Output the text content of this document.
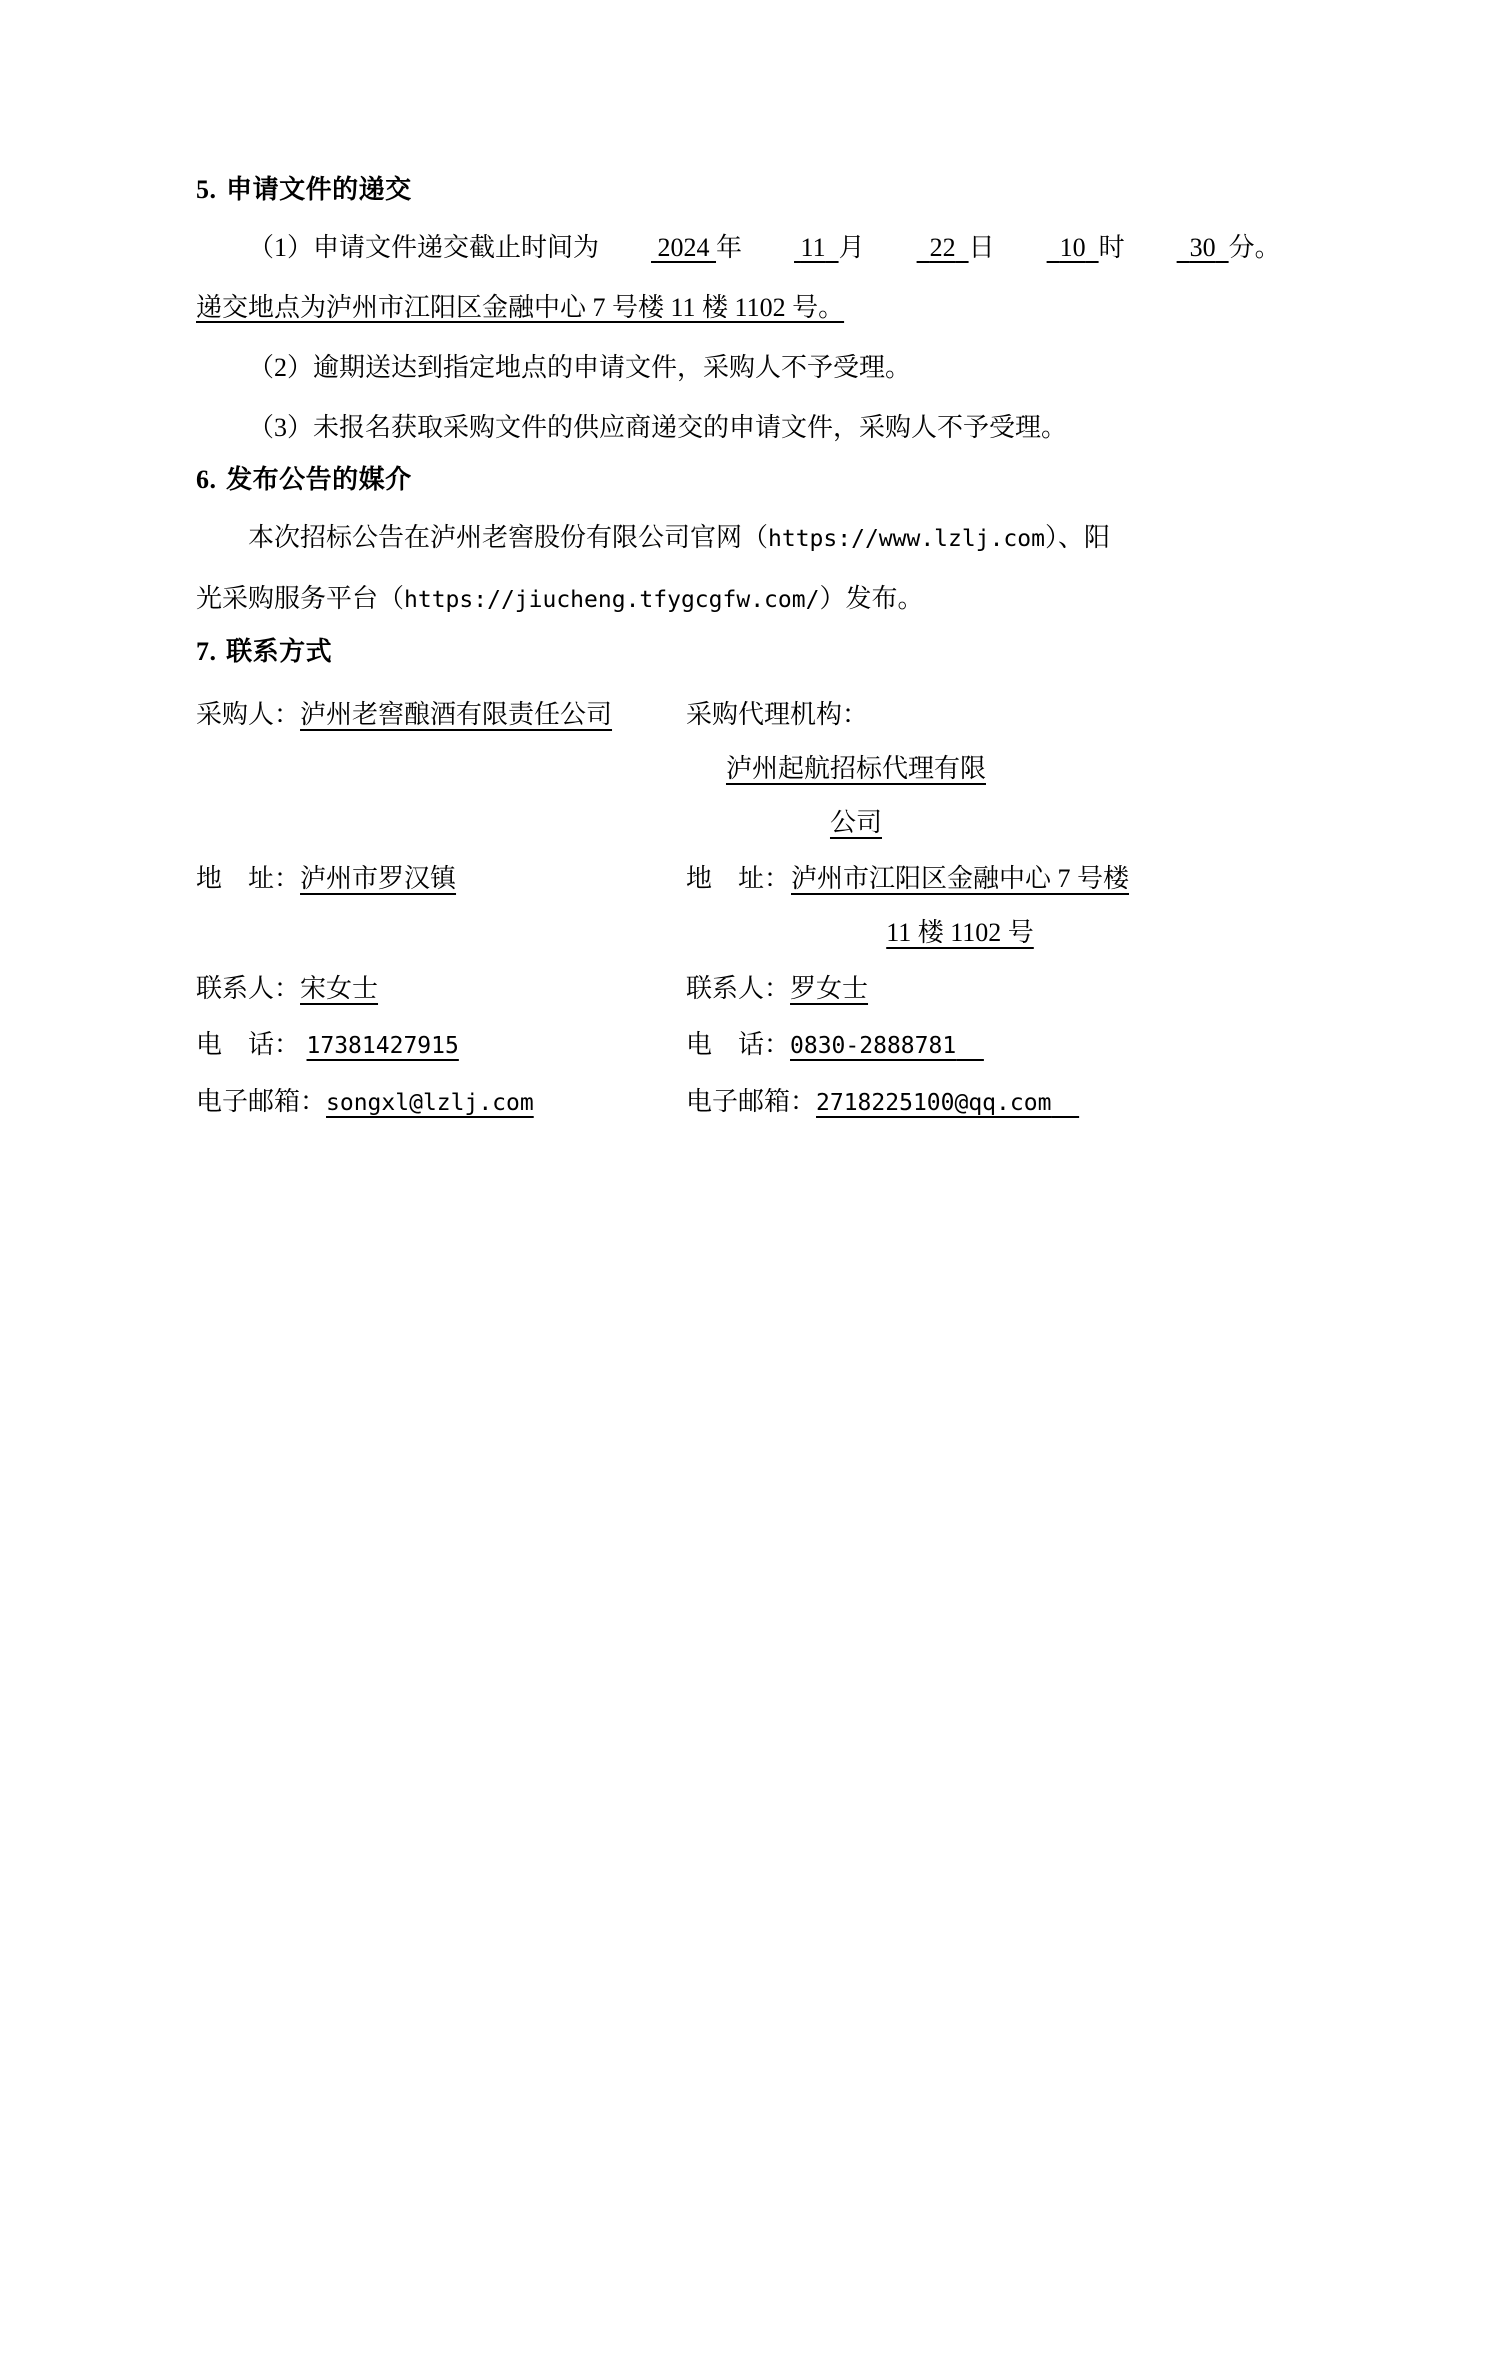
5. 申请文件的递交

（1）申请文件递交截止时间为 2024 年 11 月	22 日	10 时	30 分。

递交地点为泸州市江阳区金融中心 7 号楼 11 楼 1102 号。

（2）逾期送达到指定地点的申请文件，采购人不予受理。

（3）未报名获取采购文件的供应商递交的申请文件，采购人不予受理。

6. 发布公告的媒介

本次招标公告在泸州老窖股份有限公司官网（https://www.lzlj.com）、阳

光采购服务平台（https://jiucheng.tfygcgfw.com/）发布。

7. 联系方式
采购人：泸州老窖酿酒有限责任公司	采购代理机构：泸州起航招标代理有限
公司
地　址：泸州市罗汉镇	地　址：泸州市江阳区金融中心 7 号楼
11 楼 1102 号
联系人：宋女士	联系人：罗女士
电　话： 17381427915	电　话：0830-2888781
电子邮箱：songxl@lzlj.com	电子邮箱：2718225100@qq.com
